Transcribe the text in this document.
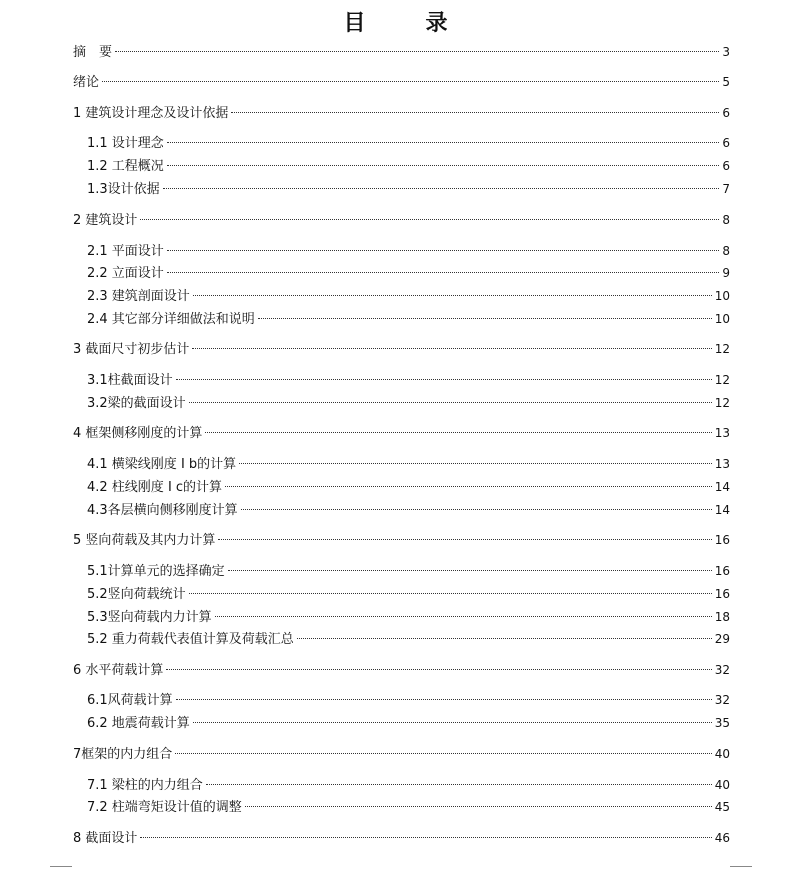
目	录
摘　要	3
绪论	5
1 建筑设计理念及设计依据	6
1.1 设计理念	6
1.2 工程概况	6
1.3设计依据	7
2 建筑设计	8
2.1 平面设计	8
2.2 立面设计	9
2.3 建筑剖面设计	10
2.4 其它部分详细做法和说明	10
3 截面尺寸初步估计	12
3.1柱截面设计	12
3.2梁的截面设计	12
4 框架侧移刚度的计算	13
4.1 横梁线刚度 I b的计算	13
4.2 柱线刚度 I c的计算	14
4.3各层横向侧移刚度计算	14
5 竖向荷载及其内力计算	16
5.1计算单元的选择确定	16
5.2竖向荷载统计	16
5.3竖向荷载内力计算	18
5.2 重力荷载代表值计算及荷载汇总	29
6 水平荷载计算	32
6.1风荷载计算	32
6.2 地震荷载计算	35
7框架的内力组合	40
7.1 梁柱的内力组合	40
7.2 柱端弯矩设计值的调整	45
8 截面设计	46
